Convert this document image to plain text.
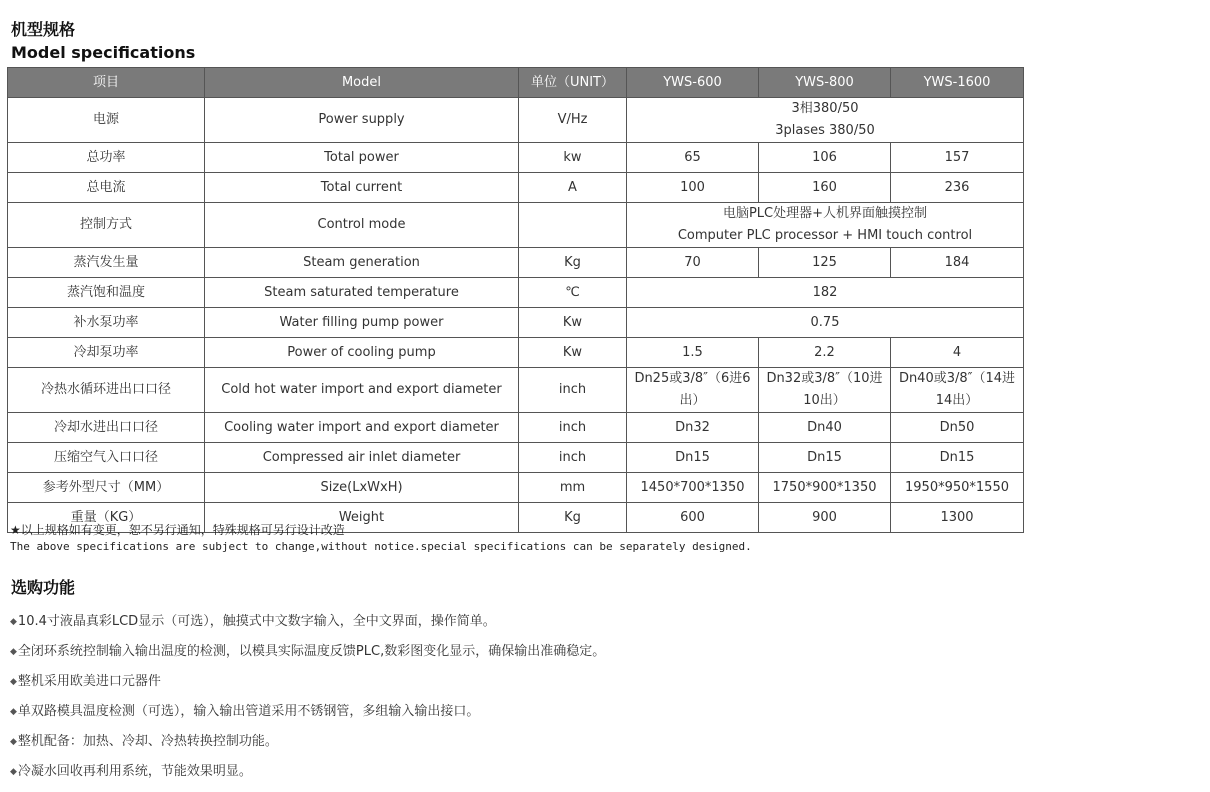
机型规格
Model specifications
项目	Model	单位（UNIT）	YWS-600	YWS-800	YWS-1600
电源	Power supply	V/Hz	3相380/50
3plases 380/50		

总功率	Total power	kw	65	106	157
总电流	Total current	A	100	160	236
控制方式	Control mode		电脑PLC处理器+人机界面触摸控制
Computer PLC processor + HMI touch control		

蒸汽发生量	Steam generation	Kg	70	125	184
蒸汽饱和温度	Steam saturated temperature	℃	182		
补水泵功率	Water filling pump power	Kw	0.75		
冷却泵功率	Power of cooling pump	Kw	1.5	2.2	4
冷热水循环进出口口径	Cold hot water import and export diameter	inch	Dn25或3/8″（6进6出）	Dn32或3/8″（10进10出）	Dn40或3/8″（14进14出）
冷却水进出口口径	Cooling water import and export diameter	inch	Dn32	Dn40	Dn50
压缩空气入口口径	Compressed air inlet diameter	inch	Dn15	Dn15	Dn15
参考外型尺寸（MM）	Size(LxWxH)	mm	1450*700*1350	1750*900*1350	1950*950*1550
重量（KG）	Weight	Kg	600	900	1300
★以上规格如有变更，恕不另行通知，特殊规格可另行设计改造
The above specifications are subject to change,without notice.special specifications can be separately designed.
选购功能
◆10.4寸液晶真彩LCD显示（可选），触摸式中文数字输入，全中文界面，操作简单。
◆全闭环系统控制输入输出温度的检测，以模具实际温度反馈PLC,数彩图变化显示，确保输出准确稳定。
◆整机采用欧美进口元器件
◆单双路模具温度检测（可选），输入输出管道采用不锈钢管，多组输入输出接口。
◆整机配备：加热、冷却、冷热转换控制功能。
◆冷凝水回收再利用系统，节能效果明显。
